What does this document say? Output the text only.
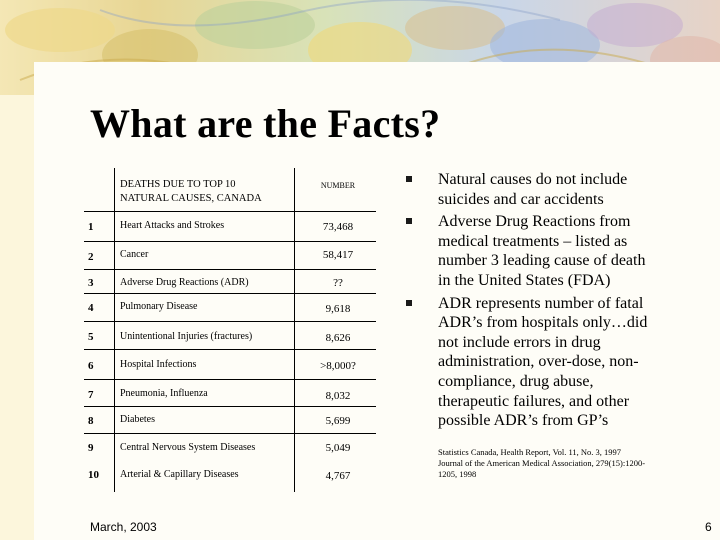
What are the Facts?
DEATHS DUE TO TOP 10
NATURAL CAUSES, CANADA
NUMBER
1	Heart Attacks and Strokes	73,468
2	Cancer	58,417
3	Adverse Drug Reactions (ADR)	??
4	Pulmonary Disease	9,618
5	Unintentional Injuries (fractures)	8,626
6	Hospital Infections	>8,000?
7	Pneumonia, Influenza	8,032
8	Diabetes	5,699
9	Central Nervous System Diseases	5,049
10 Arterial & Capillary Diseases	4,767
Natural causes do not include
suicides and car accidents
Adverse Drug Reactions from
medical treatments – listed as
number 3 leading cause of death
in the United States (FDA)
ADR represents number of fatal
ADR’s from hospitals only…did
not include errors in drug
administration, over-dose, non-
compliance, drug abuse,
therapeutic failures, and other
possible ADR’s from GP’s
Statistics Canada, Health Report, Vol. 11, No. 3, 1997
Journal of the American Medical Association, 279(15):1200-
1205, 1998
March, 2003	6
